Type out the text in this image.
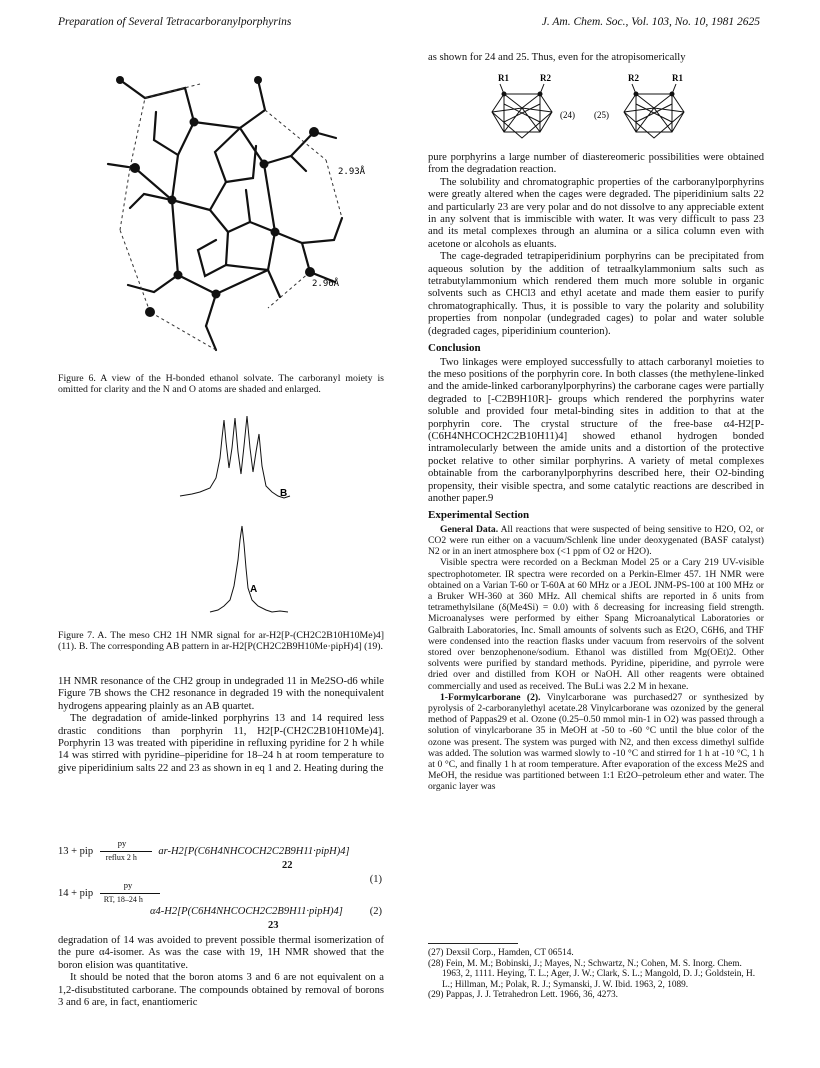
Preparation of Several Tetracarboranylporphyrins	J. Am. Chem. Soc., Vol. 103, No. 10, 1981 2625
2.93Å
2.96Å
Figure 6. A view of the H-bonded ethanol solvate. The carboranyl moiety is omitted for clarity and the N and O atoms are shaded and enlarged.
B
A
Figure 7. A. The meso CH2 1H NMR signal for ar-H2[P-(CH2C2B10H10Me)4] (11). B. The corresponding AB pattern in ar-H2[P(CH2C2B9H10Me·pipH)4] (19).

1H NMR resonance of the CH2 group in undegraded 11 in Me2SO-d6 while Figure 7B shows the CH2 resonance in degraded 19 with the nonequivalent hydrogens appearing plainly as an AB quartet.

The degradation of amide-linked porphyrins 13 and 14 required less drastic conditions than porphyrin 11, H2[P-(CH2C2B10H10Me)4]. Porphyrin 13 was treated with piperidine in refluxing pyridine for 2 h while 14 was stirred with pyridine–piperidine for 18–24 h at room temperature to give piperidinium salts 22 and 23 as shown in eq 1 and 2. Heating during the

13 + pip
py
reflux 2 h
ar-H2[P(C6H4NHCOCH2C2B9H11·pipH)4]
22
(1)
14 + pip $\frac{py}{RT, 18-24 h}$
α4-H2[P(C6H4NHCOCH2C2B9H11·pipH)4]	(2)
23

degradation of 14 was avoided to prevent possible thermal isomerization of the pure α4-isomer. As was the case with 19, 1H NMR showed that the boron elision was quantitative.

It should be noted that the boron atoms 3 and 6 are not equivalent on a 1,2-disubstituted carborane. The compounds obtained by removal of borons 3 and 6 are, in fact, enantiomeric

as shown for 24 and 25. Thus, even for the atropisomerically
R1	R2	R2	R1
(24) (25)

pure porphyrins a large number of diastereomeric possibilities were obtained from the degradation reaction.

The solubility and chromatographic properties of the carboranylporphyrins were greatly altered when the cages were degraded. The piperidinium salts 22 and particularly 23 are very polar and do not dissolve to any appreciable extent in any solvent that is immiscible with water. It was very difficult to pass 23 and its metal complexes through an alumina or a silica column even with acetone or alcohols as eluants.

The cage-degraded tetrapiperidinium porphyrins can be precipitated from aqueous solution by the addition of tetraalkylammonium salts such as tetrabutylammonium which rendered them much more soluble in organic solvents such as CHCl3 and ethyl acetate and made them easier to purify chromatographically. Thus, it is possible to vary the polarity and solubility properties from nonpolar (undegraded cages) to polar and water soluble (degraded cages, piperidinium counterion).

Conclusion

Two linkages were employed successfully to attach carboranyl moieties to the meso positions of the porphyrin core. In both classes (the methylene-linked and the amide-linked carboranylporphyrins) the carborane cages were partially degraded to [-C2B9H10R]- groups which rendered the porphyrins water soluble and provided four metal-binding sites in addition to that at the porphyrin core. The crystal structure of the free-base α4-H2[P-(C6H4NHCOCH2C2B10H11)4] showed ethanol hydrogen bonded intramolecularly between the amide units and a distortion of the protective pocket relative to other similar porphyrins. A variety of metal complexes obtainable from the carboranylporphyrins described here, their O2-binding propensity, their visible spectra, and some catalytic reactions are described in another paper.9

Experimental Section

General Data. All reactions that were suspected of being sensitive to H2O, O2, or CO2 were run either on a vacuum/Schlenk line under deoxygenated (BASF catalyst) N2 or in an inert atmosphere box (<1 ppm of O2 or H2O).

Visible spectra were recorded on a Beckman Model 25 or a Cary 219 UV-visible spectrophotometer. IR spectra were recorded on a Perkin-Elmer 457. 1H NMR were obtained on a Varian T-60 or T-60A at 60 MHz or a JEOL JNM-PS-100 at 100 MHz or a Bruker WH-360 at 360 MHz. All chemical shifts are reported in δ units from tetramethylsilane (δ(Me4Si) = 0.0) with δ decreasing for increasing field strength. Microanalyses were performed by either Spang Microanalytical Laboratories or Galbraith Laboratories, Inc. Small amounts of solvents such as Et2O, C6H6, and THF were condensed into the reaction flasks under vacuum from reservoirs of the solvent stored over benzophenone/sodium. Ethanol was distilled from Mg(OEt)2. Other solvents were purified by standard methods. Pyridine, piperidine, and pyrrole were dried over and distilled from KOH or NaOH. All other reagents were obtained commercially and used as received. The BuLi was 2.2 M in hexane.

1-Formylcarborane (2). Vinylcarborane was purchased27 or synthesized by pyrolysis of 2-carboranylethyl acetate.28 Vinylcarborane was ozonized by the general method of Pappas29 et al. Ozone (0.25–0.50 mmol min-1 in O2) was passed through a solution of vinylcarborane 35 in MeOH at -50 to -60 °C until the blue color of the ozone was present. The system was purged with N2, and then excess dimethyl sulfide was added. The solution was warmed slowly to -10 °C and stirred for 1 h at -10 °C, 1 h at 0 °C, and finally 1 h at room temperature. After evaporation of the excess Me2S and MeOH, the residue was partitioned between 1:1 Et2O–petroleum ether and water. The organic layer was

(27) Dexsil Corp., Hamden, CT 06514.
(28) Fein, M. M.; Bobinski, J.; Mayes, N.; Schwartz, N.; Cohen, M. S. Inorg. Chem. 1963, 2, 1111. Heying, T. L.; Ager, J. W.; Clark, S. L.; Mangold, D. J.; Goldstein, H. L.; Hillman, M.; Polak, R. J.; Symanski, J. W. Ibid. 1963, 2, 1089.
(29) Pappas, J. J. Tetrahedron Lett. 1966, 36, 4273.
